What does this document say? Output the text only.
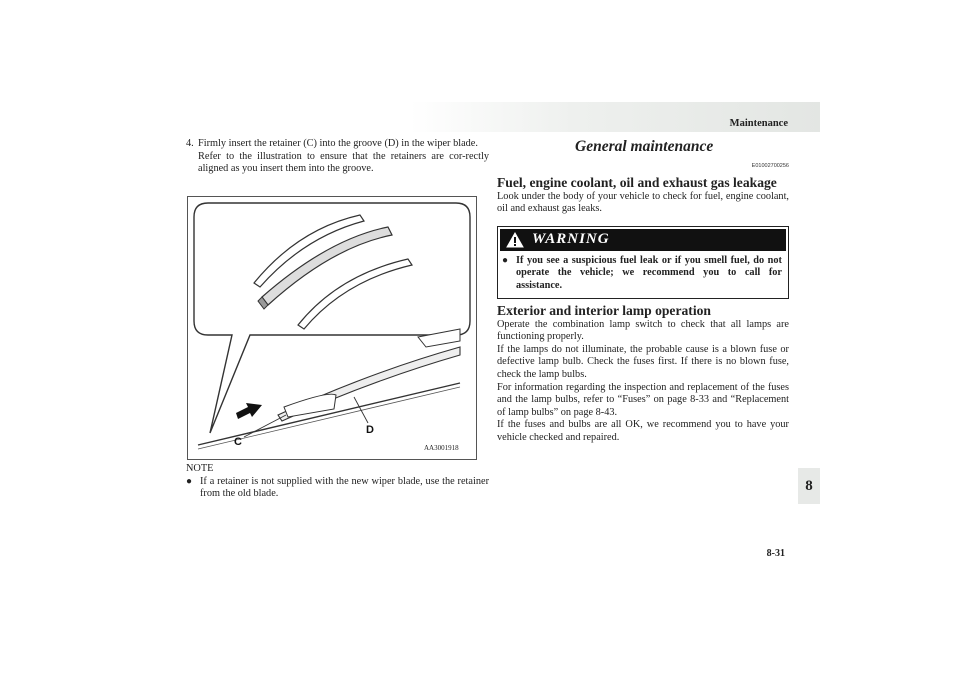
Maintenance
8
8-31
4. Firmly insert the retainer (C) into the groove (D) in the wiper blade.

Refer to the illustration to ensure that the retainers are cor-rectly aligned as you insert them into the groove.

C
D
AA3001918

NOTE

● If a retainer is not supplied with the new wiper blade, use the retainer from the old blade.
General maintenance
E01002700256
Fuel, engine coolant, oil and exhaust gas leakage

Look under the body of your vehicle to check for fuel, engine coolant, oil and exhaust gas leaks.

WARNING
● If you see a suspicious fuel leak or if you smell fuel, do not operate the vehicle; we recommend you to call for assistance.
Exterior and interior lamp operation

Operate the combination lamp switch to check that all lamps are functioning properly.

If the lamps do not illuminate, the probable cause is a blown fuse or defective lamp bulb. Check the fuses first. If there is no blown fuse, check the lamp bulbs.

For information regarding the inspection and replacement of the fuses and the lamp bulbs, refer to “Fuses” on page 8-33 and “Replacement of lamp bulbs” on page 8-43.

If the fuses and bulbs are all OK, we recommend you to have your vehicle checked and repaired.
